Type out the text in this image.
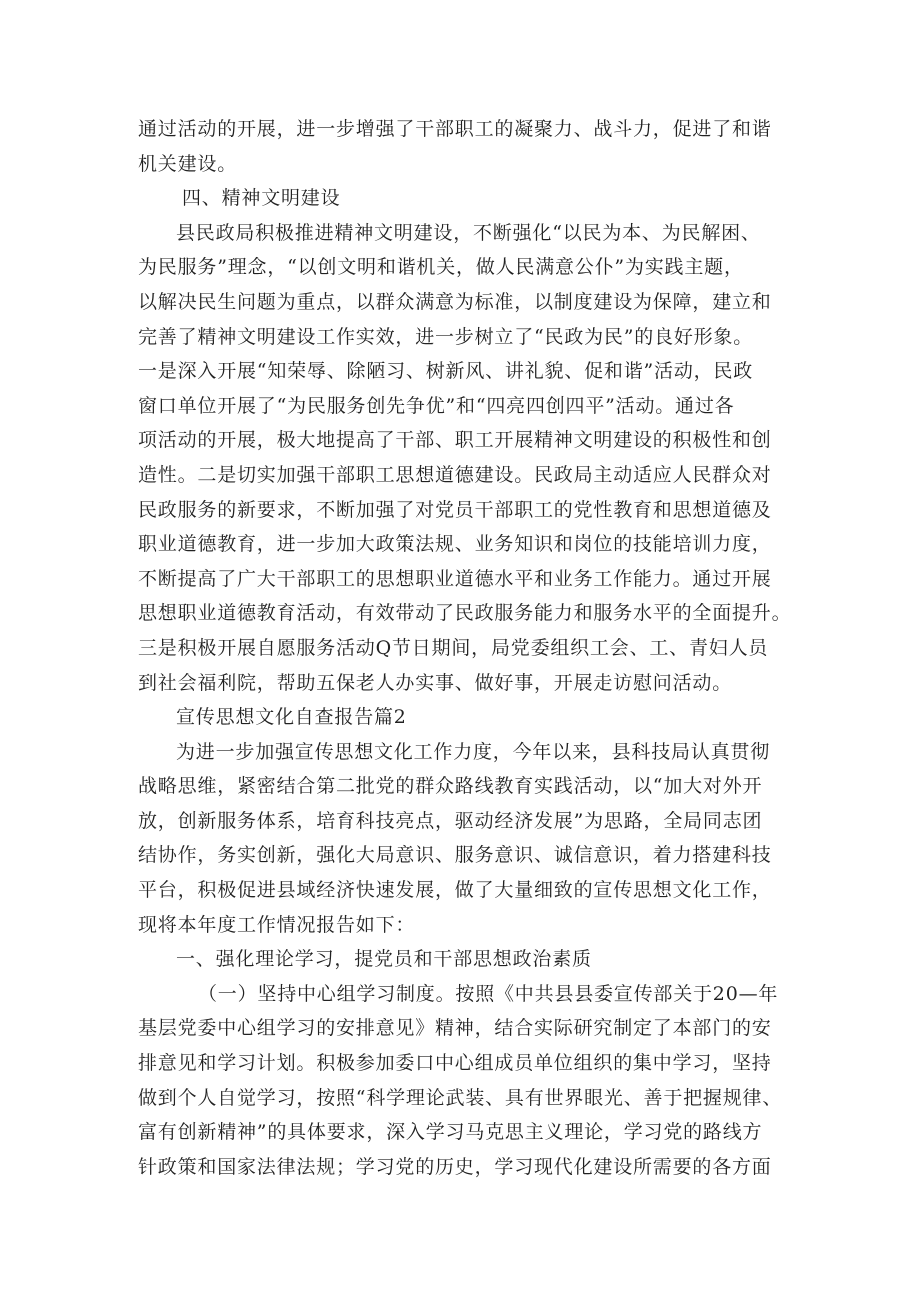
通过活动的开展，进一步增强了干部职工的凝聚力、战斗力，促进了和谐
机关建设。
四、精神文明建设
县民政局积极推进精神文明建设，不断强化“以民为本、为民解困、
为民服务”理念，“以创文明和谐机关，做人民满意公仆”为实践主题，
以解决民生问题为重点，以群众满意为标准，以制度建设为保障，建立和
完善了精神文明建设工作实效，进一步树立了“民政为民”的良好形象。
一是深入开展“知荣辱、除陋习、树新风、讲礼貌、促和谐”活动，民政
窗口单位开展了“为民服务创先争优”和“四亮四创四平”活动。通过各
项活动的开展，极大地提高了干部、职工开展精神文明建设的积极性和创
造性。二是切实加强干部职工思想道德建设。民政局主动适应人民群众对
民政服务的新要求，不断加强了对党员干部职工的党性教育和思想道德及
职业道德教育，进一步加大政策法规、业务知识和岗位的技能培训力度，
不断提高了广大干部职工的思想职业道德水平和业务工作能力。通过开展
思想职业道德教育活动，有效带动了民政服务能力和服务水平的全面提升。
三是积极开展自愿服务活动Q节日期间，局党委组织工会、工、青妇人员
到社会福利院，帮助五保老人办实事、做好事，开展走访慰问活动。
宣传思想文化自查报告篇2
为进一步加强宣传思想文化工作力度，今年以来，县科技局认真贯彻
战略思维，紧密结合第二批党的群众路线教育实践活动，以“加大对外开
放，创新服务体系，培育科技亮点，驱动经济发展”为思路，全局同志团
结协作，务实创新，强化大局意识、服务意识、诚信意识，着力搭建科技
平台，积极促进县域经济快速发展，做了大量细致的宣传思想文化工作，
现将本年度工作情况报告如下：
一、强化理论学习，提党员和干部思想政治素质
（一）坚持中心组学习制度。按照《中共县县委宣传部关于20—年
基层党委中心组学习的安排意见》精神，结合实际研究制定了本部门的安
排意见和学习计划。积极参加委口中心组成员单位组织的集中学习，坚持
做到个人自觉学习，按照“科学理论武装、具有世界眼光、善于把握规律、
富有创新精神”的具体要求，深入学习马克思主义理论，学习党的路线方
针政策和国家法律法规；学习党的历史，学习现代化建设所需要的各方面
